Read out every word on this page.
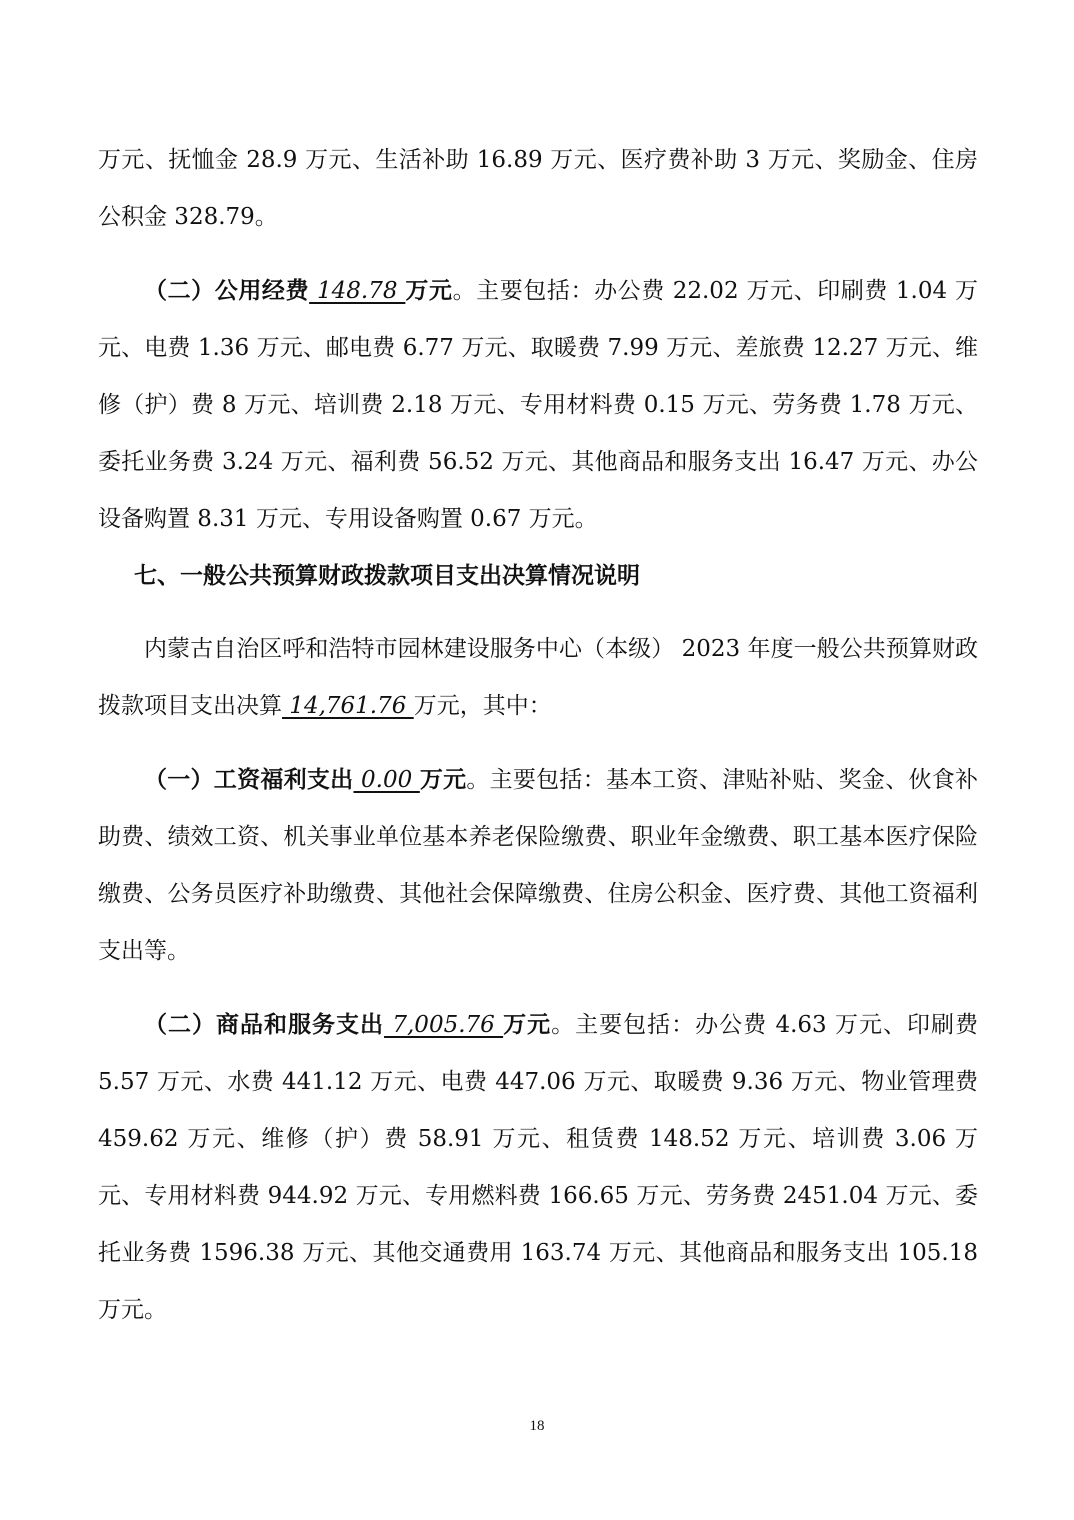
万元、抚恤金 28.9 万元、生活补助 16.89 万元、医疗费补助 3 万元、奖励金、住房公积金 328.79。

（二）公用经费 148.78 万元。主要包括：办公费 22.02 万元、印刷费 1.04 万元、电费 1.36 万元、邮电费 6.77 万元、取暖费 7.99 万元、差旅费 12.27 万元、维修（护）费 8 万元、培训费 2.18 万元、专用材料费 0.15 万元、劳务费 1.78 万元、委托业务费 3.24 万元、福利费 56.52 万元、其他商品和服务支出 16.47 万元、办公设备购置 8.31 万元、专用设备购置 0.67 万元。

七、一般公共预算财政拨款项目支出决算情况说明

内蒙古自治区呼和浩特市园林建设服务中心（本级） 2023 年度一般公共预算财政拨款项目支出决算 14,761.76 万元，其中：

（一）工资福利支出 0.00 万元。主要包括：基本工资、津贴补贴、奖金、伙食补助费、绩效工资、机关事业单位基本养老保险缴费、职业年金缴费、职工基本医疗保险缴费、公务员医疗补助缴费、其他社会保障缴费、住房公积金、医疗费、其他工资福利支出等。

（二）商品和服务支出 7,005.76 万元。主要包括：办公费 4.63 万元、印刷费 5.57 万元、水费 441.12 万元、电费 447.06 万元、取暖费 9.36 万元、物业管理费 459.62 万元、维修（护）费 58.91 万元、租赁费 148.52 万元、培训费 3.06 万元、专用材料费 944.92 万元、专用燃料费 166.65 万元、劳务费 2451.04 万元、委托业务费 1596.38 万元、其他交通费用 163.74 万元、其他商品和服务支出 105.18 万元。

18
